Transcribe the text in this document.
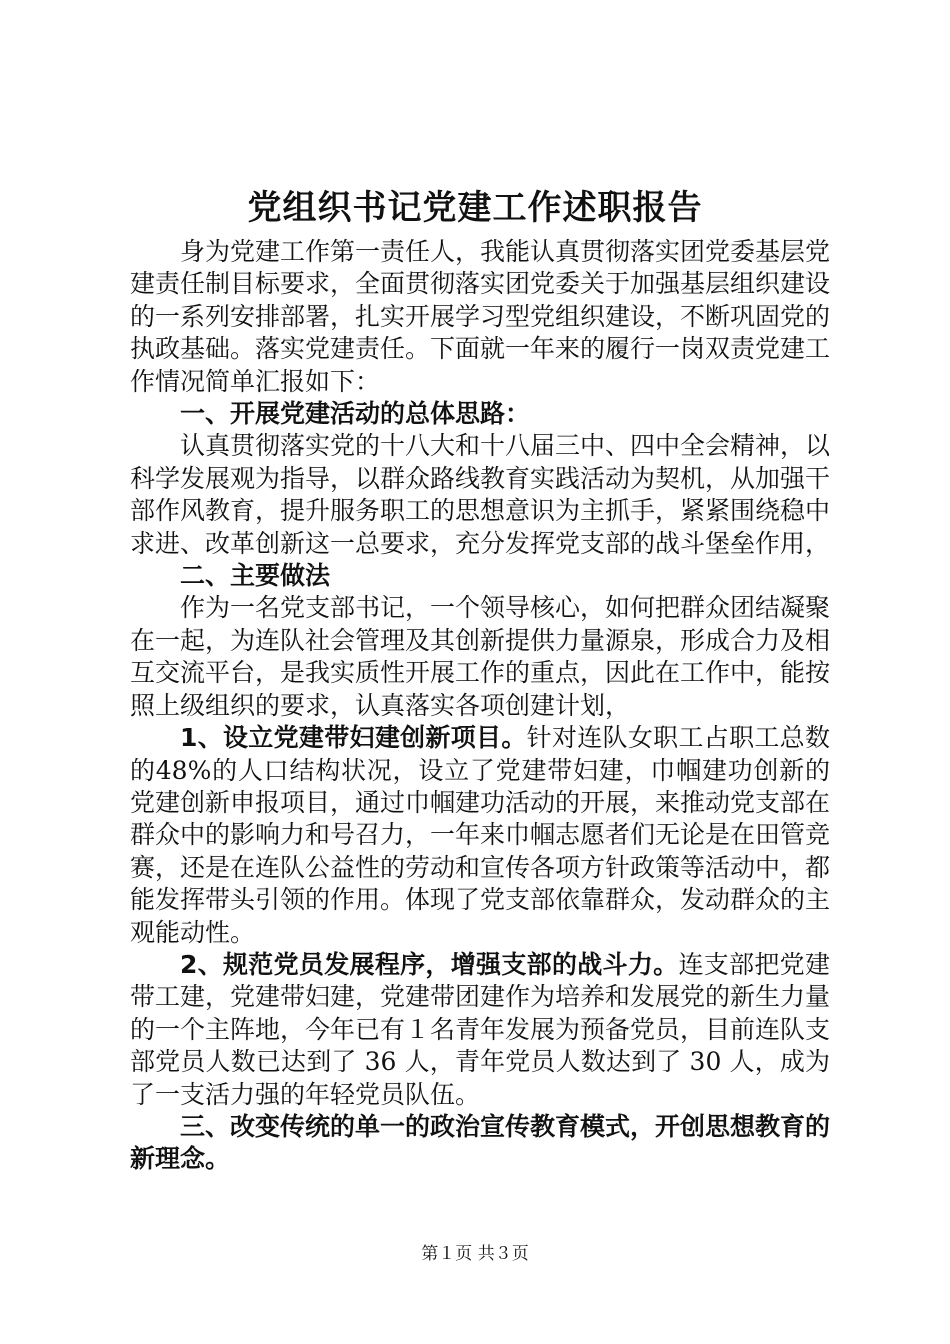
党组织书记党建工作述职报告

身为党建工作第一责任人，我能认真贯彻落实团党委基层党建责任制目标要求，全面贯彻落实团党委关于加强基层组织建设的一系列安排部署，扎实开展学习型党组织建设，不断巩固党的执政基础。落实党建责任。下面就一年来的履行一岗双责党建工作情况简单汇报如下：

一、开展党建活动的总体思路：

认真贯彻落实党的十八大和十八届三中、四中全会精神，以科学发展观为指导，以群众路线教育实践活动为契机，从加强干部作风教育，提升服务职工的思想意识为主抓手，紧紧围绕稳中求进、改革创新这一总要求，充分发挥党支部的战斗堡垒作用，

二、主要做法

作为一名党支部书记，一个领导核心，如何把群众团结凝聚在一起，为连队社会管理及其创新提供力量源泉，形成合力及相互交流平台，是我实质性开展工作的重点，因此在工作中，能按照上级组织的要求，认真落实各项创建计划，

1、设立党建带妇建创新项目。针对连队女职工占职工总数的48%的人口结构状况，设立了党建带妇建，巾帼建功创新的党建创新申报项目，通过巾帼建功活动的开展，来推动党支部在群众中的影响力和号召力，一年来巾帼志愿者们无论是在田管竞赛，还是在连队公益性的劳动和宣传各项方针政策等活动中，都能发挥带头引领的作用。体现了党支部依靠群众，发动群众的主观能动性。

2、规范党员发展程序，增强支部的战斗力。连支部把党建带工建，党建带妇建，党建带团建作为培养和发展党的新生力量的一个主阵地，今年已有１名青年发展为预备党员，目前连队支部党员人数已达到了 36 人，青年党员人数达到了 30 人，成为了一支活力强的年轻党员队伍。

三、改变传统的单一的政治宣传教育模式，开创思想教育的新理念。

第１页 共３页
